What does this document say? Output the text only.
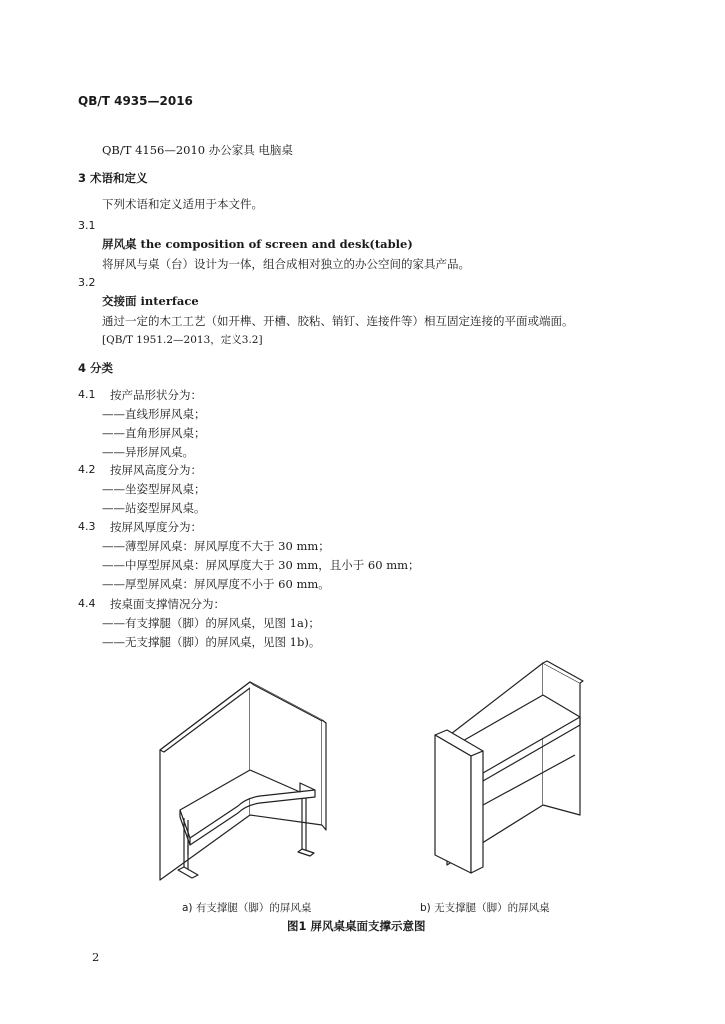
QB/T 4935—2016
QB/T 4156—2010 办公家具 电脑桌
3 术语和定义
下列术语和定义适用于本文件。
3.1
屏风桌 the composition of screen and desk(table)
将屏风与桌（台）设计为一体，组合成相对独立的办公空间的家具产品。
3.2
交接面 interface
通过一定的木工工艺（如开榫、开槽、胶粘、销钉、连接件等）相互固定连接的平面或端面。
[QB/T 1951.2—2013，定义3.2]
4 分类
4.1 按产品形状分为：
——直线形屏风桌；
——直角形屏风桌；
——异形屏风桌。
4.2 按屏风高度分为：
——坐姿型屏风桌；
——站姿型屏风桌。
4.3 按屏风厚度分为：
——薄型屏风桌：屏风厚度不大于 30 mm；
——中厚型屏风桌：屏风厚度大于 30 mm，且小于 60 mm；
——厚型屏风桌：屏风厚度不小于 60 mm。
4.4 按桌面支撑情况分为：
——有支撑腿（脚）的屏风桌，见图 1a)；
——无支撑腿（脚）的屏风桌，见图 1b)。
a) 有支撑腿（脚）的屏风桌	b) 无支撑腿（脚）的屏风桌
图1 屏风桌桌面支撑示意图
2
